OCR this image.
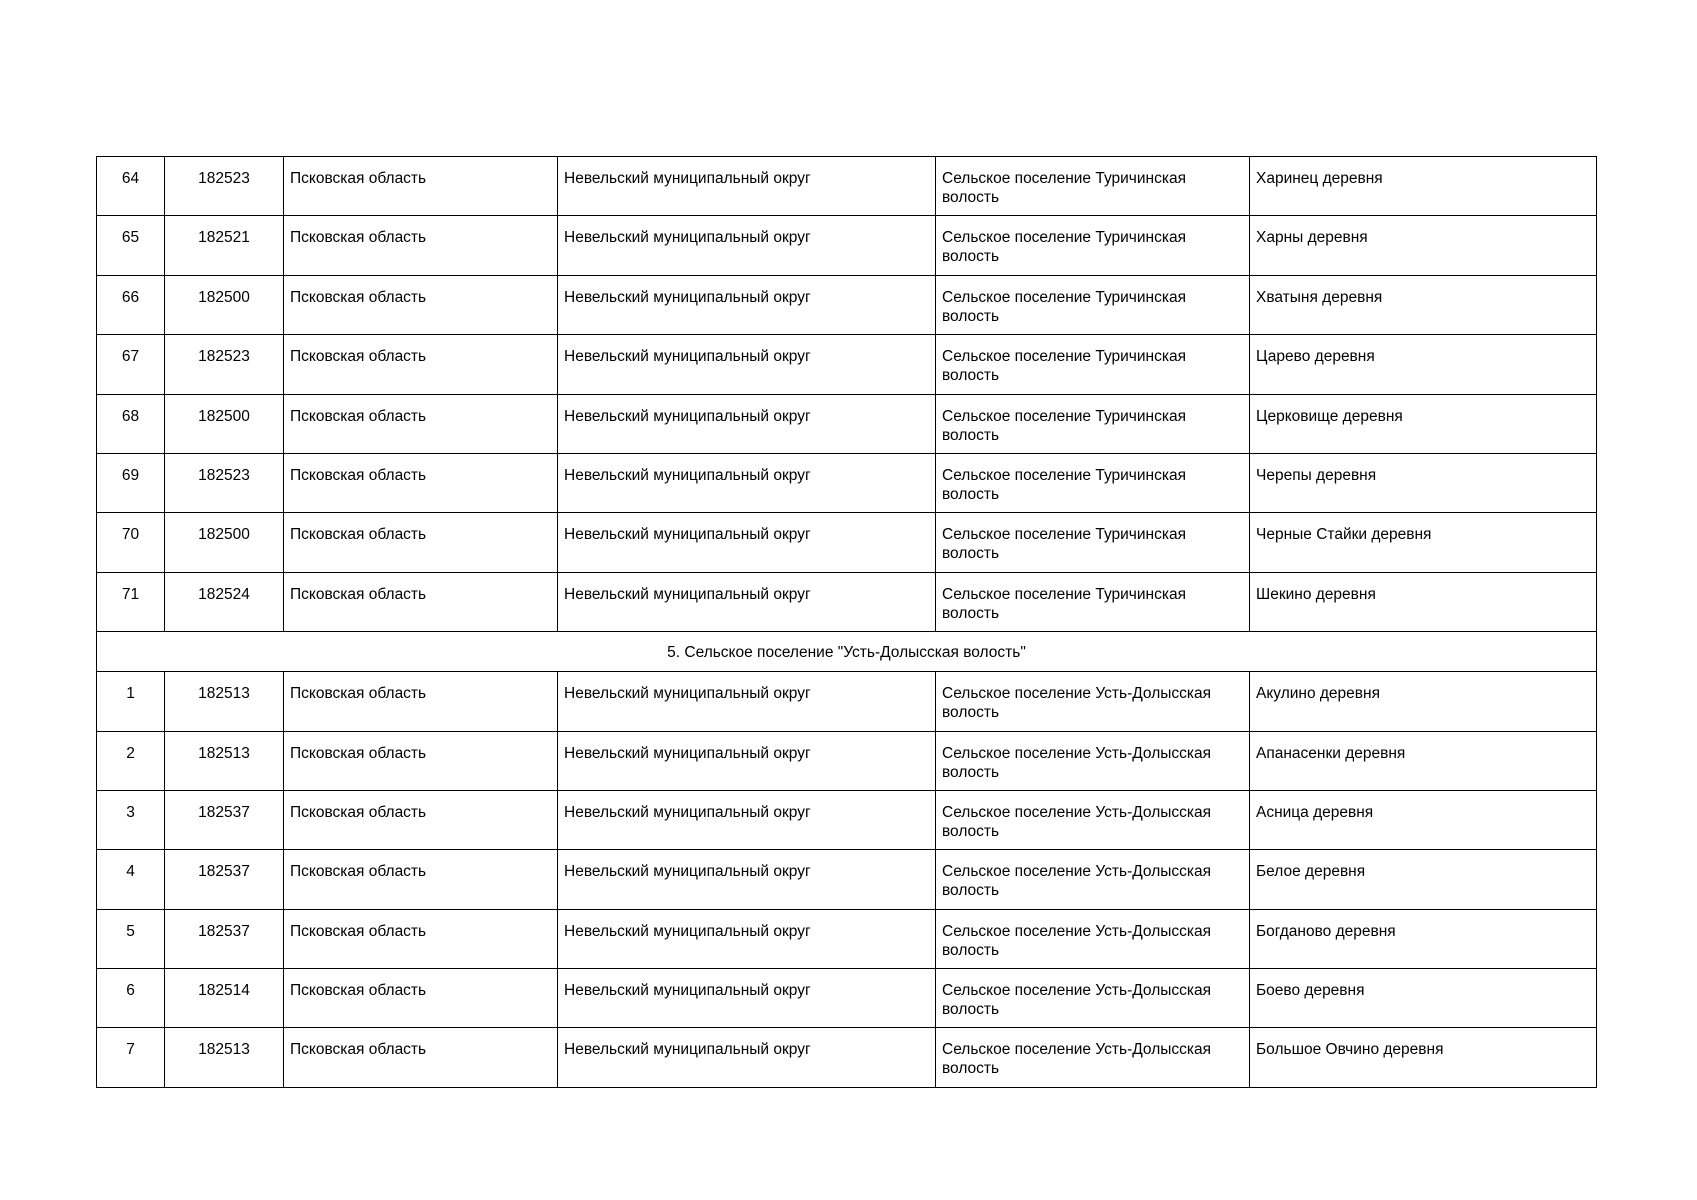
64	182523	Псковская область	Невельский муниципальный округ	Сельское поселение Туричинская волость	Харинец деревня
65	182521	Псковская область	Невельский муниципальный округ	Сельское поселение Туричинская волость	Харны деревня
66	182500	Псковская область	Невельский муниципальный округ	Сельское поселение Туричинская волость	Хватыня деревня
67	182523	Псковская область	Невельский муниципальный округ	Сельское поселение Туричинская волость	Царево деревня
68	182500	Псковская область	Невельский муниципальный округ	Сельское поселение Туричинская волость	Церковище деревня
69	182523	Псковская область	Невельский муниципальный округ	Сельское поселение Туричинская волость	Черепы деревня
70	182500	Псковская область	Невельский муниципальный округ	Сельское поселение Туричинская волость	Черные Стайки деревня
71	182524	Псковская область	Невельский муниципальный округ	Сельское поселение Туричинская волость	Шекино деревня
5. Сельское поселение "Усть-Долысская волость"					
1	182513	Псковская область	Невельский муниципальный округ	Сельское поселение Усть-Долысская волость	Акулино деревня
2	182513	Псковская область	Невельский муниципальный округ	Сельское поселение Усть-Долысская волость	Апанасенки деревня
3	182537	Псковская область	Невельский муниципальный округ	Сельское поселение Усть-Долысская волость	Асница деревня
4	182537	Псковская область	Невельский муниципальный округ	Сельское поселение Усть-Долысская волость	Белое деревня
5	182537	Псковская область	Невельский муниципальный округ	Сельское поселение Усть-Долысская волость	Богданово деревня
6	182514	Псковская область	Невельский муниципальный округ	Сельское поселение Усть-Долысская волость	Боево деревня
7	182513	Псковская область	Невельский муниципальный округ	Сельское поселение Усть-Долысская волость	Большое Овчино деревня
